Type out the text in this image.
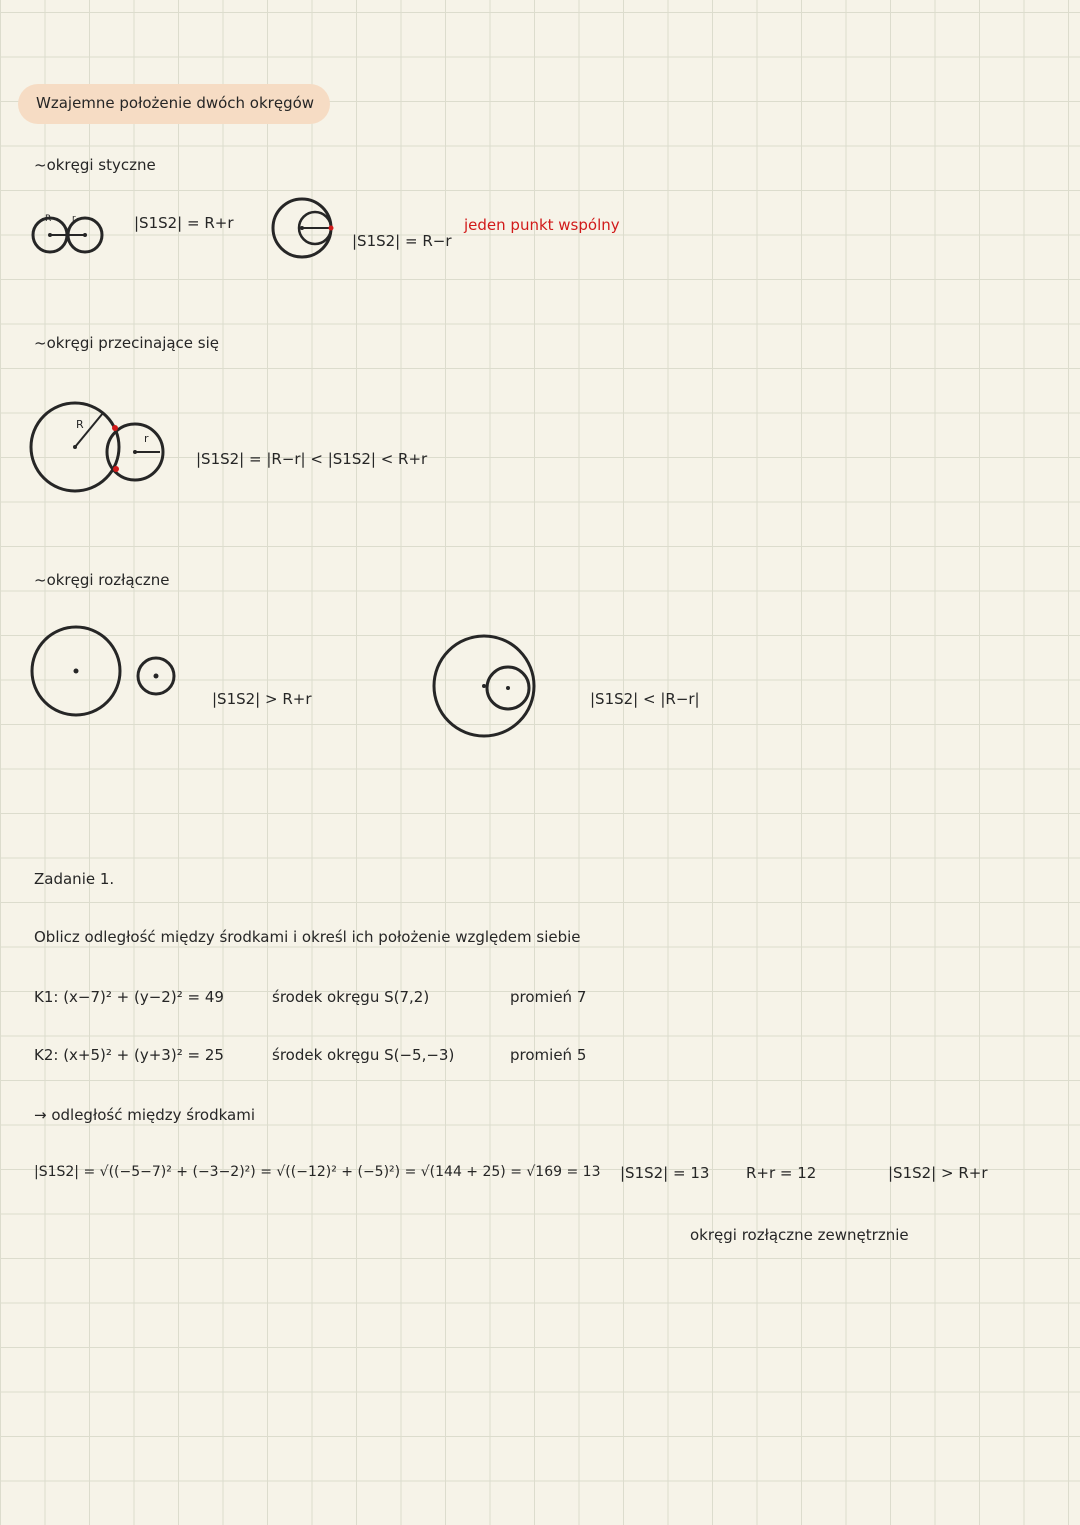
Wzajemne położenie dwóch okręgów
~okręgi styczne
R r	|S1S2| = R+r
|S1S2| = R−r
jeden punkt wspólny
~okręgi przecinające się
R
r
|S1S2| = |R−r| < |S1S2| < R+r
~okręgi rozłączne
|S1S2| > R+r	|S1S2| < |R−r|
Zadanie 1.
Oblicz odległość między środkami i określ ich położenie względem siebie
K1: (x−7)² + (y−2)² = 49	środek okręgu S(7,2)	promień 7
K2: (x+5)² + (y+3)² = 25	środek okręgu S(−5,−3)	promień 5
→ odległość między środkami
|S1S2| = √((−5−7)² + (−3−2)²) = √((−12)² + (−5)²) = √(144 + 25) = √169 = 13 |S1S2| = 13 R+r = 12	|S1S2| > R+r
okręgi rozłączne zewnętrznie
